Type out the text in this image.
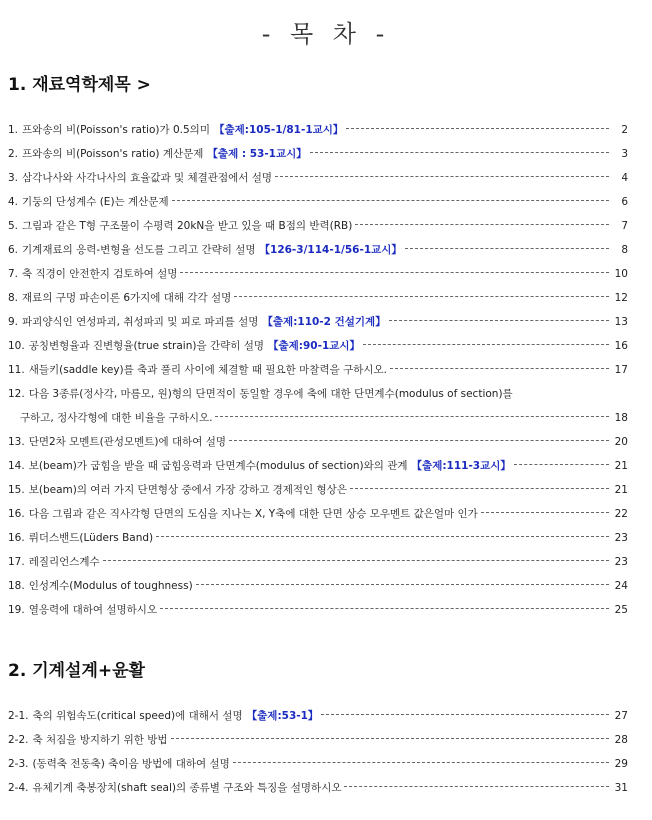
- 목 차 -
1. 재료역학제목 >
1. 프와송의 비(Poisson's ratio)가 0.5의미 【출제:105-1/81-1교시】	2
2. 프와송의 비(Poisson's ratio) 계산문제 【출제 : 53-1교시】	3
3. 삼각나사와 사각나사의 효율값과 및 체결관점에서 설명	4
4. 기둥의 단성계수 (E)는 계산문제	6
5. 그림과 같은 T형 구조물이 수평력 20kN을 받고 있을 때 B점의 반력(RB)	7
6. 기계재료의 응력-변형율 선도를 그리고 간략히 설명 【126-3/114-1/56-1교시】	8
7. 축 직경이 안전한지 검토하여 설명	10
8. 재료의 구멍 파손이론 6가지에 대해 각각 설명	12
9. 파괴양식인 연성파괴, 취성파괴 및 피로 파괴를 설명 【출제:110-2 건설기계】	13
10. 공칭변형율과 진변형율(true strain)을 간략히 설명 【출제:90-1교시】	16
11. 새들키(saddle key)를 축과 풀리 사이에 체결할 때 필요한 마찰력을 구하시오.	17
12. 다음 3종류(정사각, 마름모, 원)형의 단면적이 동일할 경우에 축에 대한 단면계수(modulus of section)를
구하고, 정사각형에 대한 비율을 구하시오.	18
13. 단면2차 모멘트(관성모멘트)에 대하여 설명	20
14. 보(beam)가 굽힘을 받을 때 굽힘응력과 단면계수(modulus of section)와의 관계 【출제:111-3교시】	21
15. 보(beam)의 여러 가지 단면형상 중에서 가장 강하고 경제적인 형상은	21
16. 다음 그림과 같은 직사각형 단면의 도심을 지나는 X, Y축에 대한 단면 상승 모우멘트 값은얼마 인가	22
16. 뤼더스밴드(Lüders Band)	23
17. 레질리언스계수	23
18. 인성계수(Modulus of toughness)	24
19. 열응력에 대하여 설명하시오	25
2. 기계설계+윤활
2-1. 축의 위험속도(critical speed)에 대해서 설명 【출제:53-1】	27
2-2. 축 처짐을 방지하기 위한 방법	28
2-3. (동력축 전동축) 축이음 방법에 대하여 설명	29
2-4. 유체기계 축봉장치(shaft seal)의 종류별 구조와 특징을 설명하시오	31
